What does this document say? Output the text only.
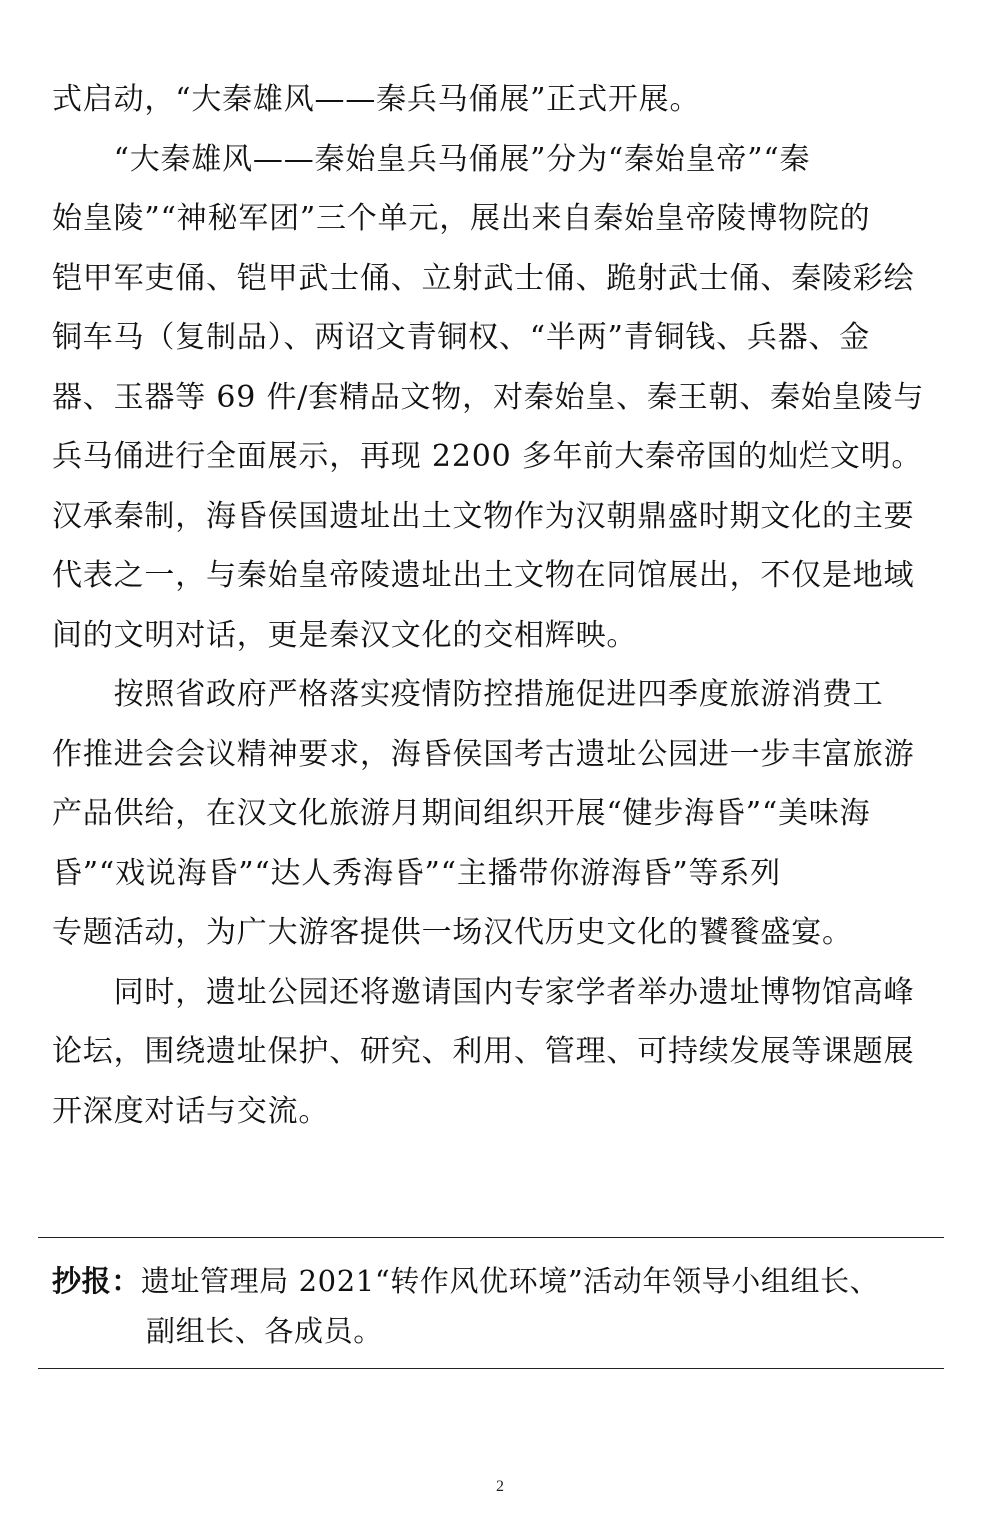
式启动，“大秦雄风——秦兵马俑展”正式开展。
　　“大秦雄风——秦始皇兵马俑展”分为“秦始皇帝”“秦
始皇陵”“神秘军团”三个单元，展出来自秦始皇帝陵博物院的
铠甲军吏俑、铠甲武士俑、立射武士俑、跪射武士俑、秦陵彩绘
铜车马（复制品）、两诏文青铜权、“半两”青铜钱、兵器、金
器、玉器等 69 件/套精品文物，对秦始皇、秦王朝、秦始皇陵与
兵马俑进行全面展示，再现 2200 多年前大秦帝国的灿烂文明。
汉承秦制，海昏侯国遗址出土文物作为汉朝鼎盛时期文化的主要
代表之一，与秦始皇帝陵遗址出土文物在同馆展出，不仅是地域
间的文明对话，更是秦汉文化的交相辉映。
　　按照省政府严格落实疫情防控措施促进四季度旅游消费工
作推进会会议精神要求，海昏侯国考古遗址公园进一步丰富旅游
产品供给，在汉文化旅游月期间组织开展“健步海昏”“美味海
昏”“戏说海昏”“达人秀海昏”“主播带你游海昏”等系列
专题活动，为广大游客提供一场汉代历史文化的饕餮盛宴。
　　同时，遗址公园还将邀请国内专家学者举办遗址博物馆高峰
论坛，围绕遗址保护、研究、利用、管理、可持续发展等课题展
开深度对话与交流。
抄报：遗址管理局 2021“转作风优环境”活动年领导小组组长、
副组长、各成员。
2
